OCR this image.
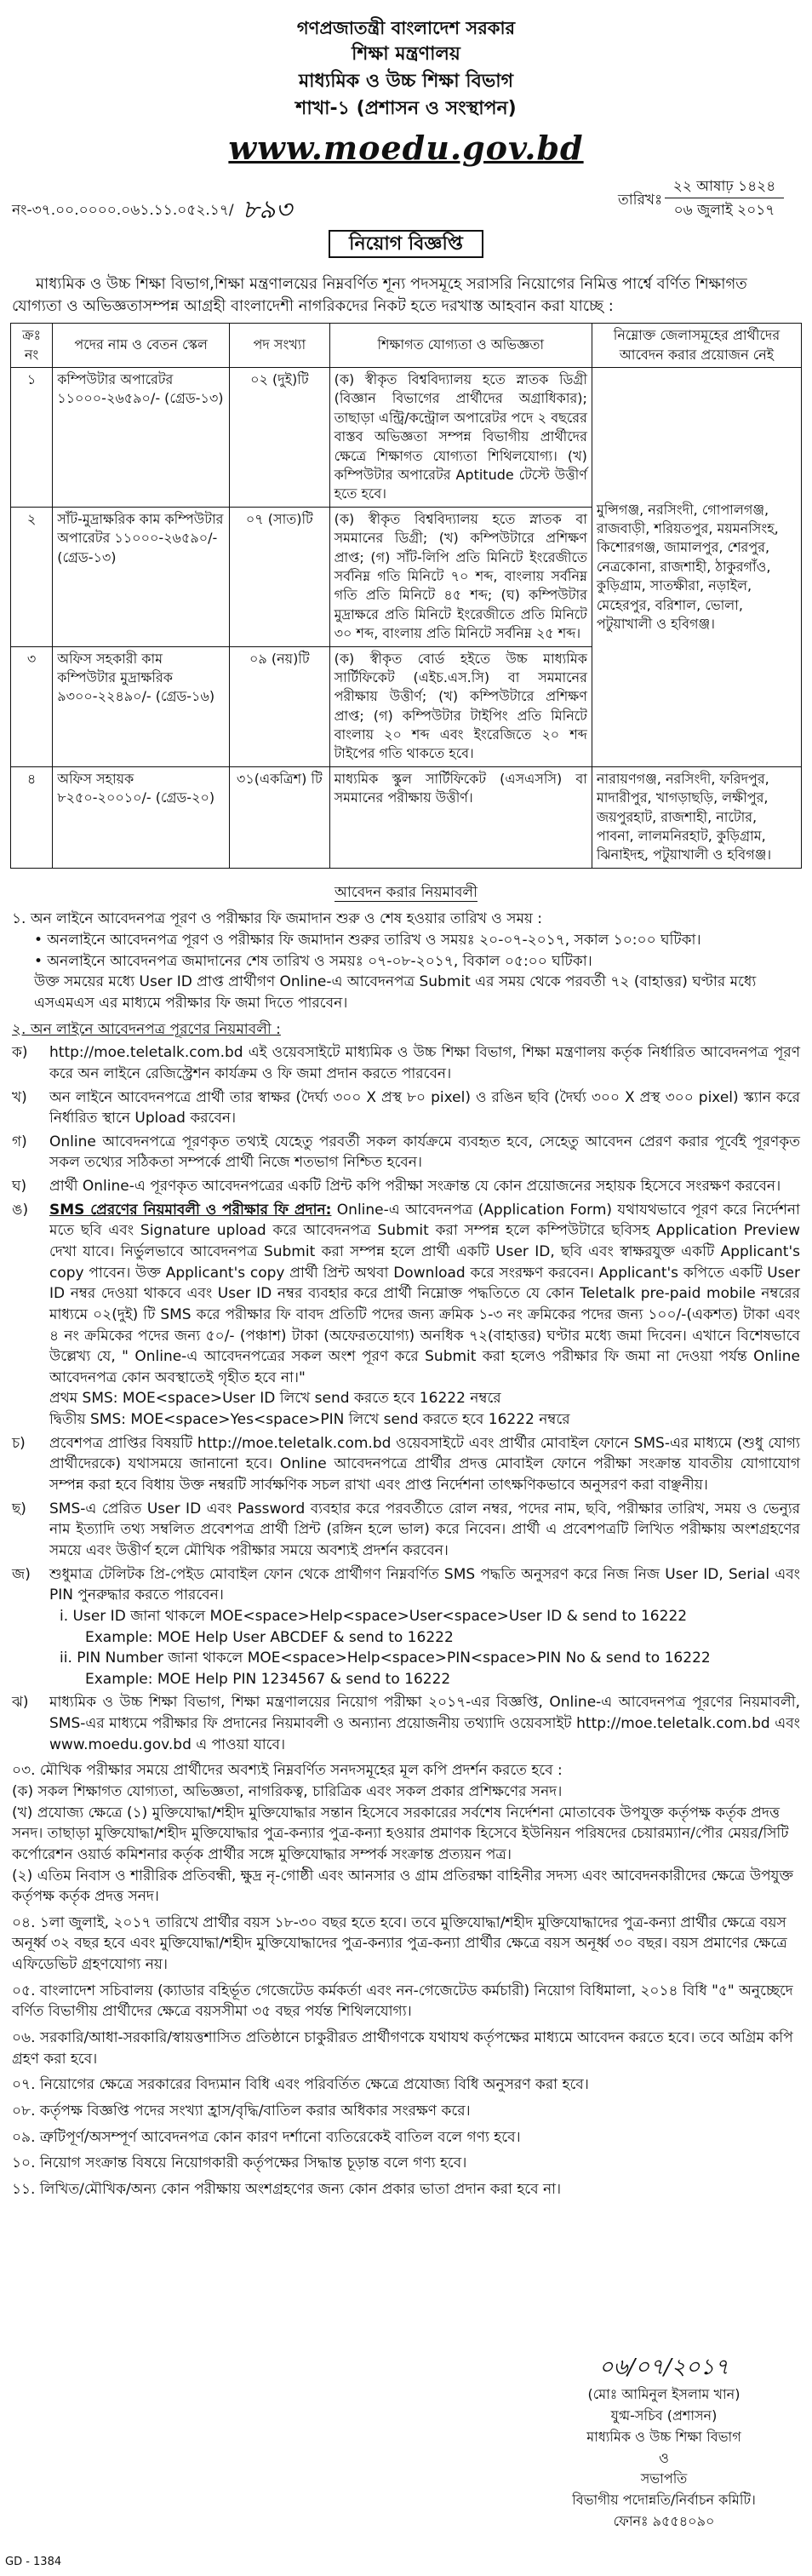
গণপ্রজাতন্ত্রী বাংলাদেশ সরকার
শিক্ষা মন্ত্রণালয়
মাধ্যমিক ও উচ্চ শিক্ষা বিভাগ
শাখা-১ (প্রশাসন ও সংস্থাপন)
www.moedu.gov.bd
নং-৩৭.০০.০০০০.০৬১.১১.০৫২.১৭/ ৮৯৩	তারিখঃ
২২ আষাঢ় ১৪২৪
০৬ জুলাই ২০১৭
নিয়োগ বিজ্ঞপ্তি
মাধ্যমিক ও উচ্চ শিক্ষা বিভাগ,শিক্ষা মন্ত্রণালয়ের নিম্নবর্ণিত শূন্য পদসমূহে সরাসরি নিয়োগের নিমিত্ত পার্শ্বে বর্ণিত শিক্ষাগত যোগ্যতা ও অভিজ্ঞতাসম্পন্ন আগ্রহী বাংলাদেশী নাগরিকদের নিকট হতে দরখাস্ত আহবান করা যাচ্ছে :
ক্রঃ নং	পদের নাম ও বেতন স্কেল	পদ সংখ্যা	শিক্ষাগত যোগ্যতা ও অভিজ্ঞতা	নিম্নোক্ত জেলাসমূহের প্রার্থীদের আবেদন করার প্রয়োজন নেই
১	কম্পিউটার অপারেটর ১১০০০-২৬৫৯০/- (গ্রেড-১৩)	০২ (দুই)টি	(ক) স্বীকৃত বিশ্ববিদ্যালয় হতে স্নাতক ডিগ্রী (বিজ্ঞান বিভাগের প্রার্থীদের অগ্রাধিকার); তাছাড়া এন্ট্রি/কন্ট্রোল অপারেটর পদে ২ বছরের বাস্তব অভিজ্ঞতা সম্পন্ন বিভাগীয় প্রার্থীদের ক্ষেত্রে শিক্ষাগত যোগ্যতা শিথিলযোগ্য। (খ) কম্পিউটার অপারেটর Aptitude টেস্টে উত্তীর্ণ হতে হবে।	মুন্সিগঞ্জ, নরসিংদী, গোপালগঞ্জ, রাজবাড়ী, শরিয়তপুর, ময়মনসিংহ, কিশোরগঞ্জ, জামালপুর, শেরপুর, নেত্রকোনা, রাজশাহী, ঠাকুরগাঁও, কুড়িগ্রাম, সাতক্ষীরা, নড়াইল, মেহেরপুর, বরিশাল, ভোলা, পটুয়াখালী ও হবিগঞ্জ।
২	সাঁট-মুদ্রাক্ষরিক কাম কম্পিউটার অপারেটর ১১০০০-২৬৫৯০/- (গ্রেড-১৩)	০৭ (সাত)টি	(ক) স্বীকৃত বিশ্ববিদ্যালয় হতে স্নাতক বা সমমানের ডিগ্রী; (খ) কম্পিউটারে প্রশিক্ষণ প্রাপ্ত; (গ) সাঁট-লিপি প্রতি মিনিটে ইংরেজীতে সর্বনিম্ন গতি মিনিটে ৭০ শব্দ, বাংলায় সর্বনিম্ন গতি প্রতি মিনিটে ৪৫ শব্দ; (ঘ) কম্পিউটার মুদ্রাক্ষরে প্রতি মিনিটে ইংরেজীতে প্রতি মিনিটে ৩০ শব্দ, বাংলায় প্রতি মিনিটে সর্বনিম্ন ২৫ শব্দ।	
৩	অফিস সহকারী কাম কম্পিউটার মুদ্রাক্ষরিক ৯৩০০-২২৪৯০/- (গ্রেড-১৬)	০৯ (নয়)টি	(ক) স্বীকৃত বোর্ড হইতে উচ্চ মাধ্যমিক সার্টিফিকেট (এইচ.এস.সি) বা সমমানের পরীক্ষায় উত্তীর্ণ; (খ) কম্পিউটারে প্রশিক্ষণ প্রাপ্ত; (গ) কম্পিউটার টাইপিং প্রতি মিনিটে বাংলায় ২০ শব্দ এবং ইংরেজিতে ২০ শব্দ টাইপের গতি থাকতে হবে।	
৪	অফিস সহায়ক ৮২৫০-২০০১০/- (গ্রেড-২০)	৩১(একত্রিশ) টি	মাধ্যমিক স্কুল সার্টিফিকেট (এসএসসি) বা সমমানের পরীক্ষায় উত্তীর্ণ।	নারায়ণগঞ্জ, নরসিংদী, ফরিদপুর, মাদারীপুর, খাগড়াছড়ি, লক্ষীপুর, জয়পুরহাট, রাজশাহী, নাটোর, পাবনা, লালমনিরহাট, কুড়িগ্রাম, ঝিনাইদহ, পটুয়াখালী ও হবিগঞ্জ।
আবেদন করার নিয়মাবলী
১. অন লাইনে আবেদনপত্র পূরণ ও পরীক্ষার ফি জমাদান শুরু ও শেষ হওয়ার তারিখ ও সময় :
• অনলাইনে আবেদনপত্র পূরণ ও পরীক্ষার ফি জমাদান শুরুর তারিখ ও সময়ঃ ২০-০৭-২০১৭, সকাল ১০:০০ ঘটিকা।
• অনলাইনে আবেদনপত্র জমাদানের শেষ তারিখ ও সময়ঃ ০৭-০৮-২০১৭, বিকাল ০৫:০০ ঘটিকা।
উক্ত সময়ের মধ্যে User ID প্রাপ্ত প্রার্থীগণ Online-এ আবেদনপত্র Submit এর সময় থেকে পরবর্তী ৭২ (বাহাত্তর) ঘণ্টার মধ্যে এসএমএস এর মাধ্যমে পরীক্ষার ফি জমা দিতে পারবেন।
২. অন লাইনে আবেদনপত্র পূরণের নিয়মাবলী :
ক)	http://moe.teletalk.com.bd এই ওয়েবসাইটে মাধ্যমিক ও উচ্চ শিক্ষা বিভাগ, শিক্ষা মন্ত্রণালয় কর্তৃক নির্ধারিত আবেদনপত্র পূরণ করে অন লাইনে রেজিস্ট্রেশন কার্যক্রম ও ফি জমা প্রদান করতে পারবেন।
খ)	অন লাইনে আবেদনপত্রে প্রার্থী তার স্বাক্ষর (দৈর্ঘ্য ৩০০ X প্রস্থ ৮০ pixel) ও রঙিন ছবি (দৈর্ঘ্য ৩০০ X প্রস্থ ৩০০ pixel) স্ক্যান করে নির্ধারিত স্থানে Upload করবেন।
গ)	Online আবেদনপত্রে পূরণকৃত তথ্যই যেহেতু পরবর্তী সকল কার্যক্রমে ব্যবহৃত হবে, সেহেতু আবেদন প্রেরণ করার পূর্বেই পূরণকৃত সকল তথ্যের সঠিকতা সম্পর্কে প্রার্থী নিজে শতভাগ নিশ্চিত হবেন।
ঘ)	প্রার্থী Online-এ পূরণকৃত আবেদনপত্রের একটি প্রিন্ট কপি পরীক্ষা সংক্রান্ত যে কোন প্রয়োজনের সহায়ক হিসেবে সংরক্ষণ করবেন।
ঙ)	SMS প্রেরণের নিয়মাবলী ও পরীক্ষার ফি প্রদান: Online-এ আবেদনপত্র (Application Form) যথাযথভাবে পূরণ করে নির্দেশনা মতে ছবি এবং Signature upload করে আবেদনপত্র Submit করা সম্পন্ন হলে কম্পিউটারে ছবিসহ Application Preview দেখা যাবে। নির্ভুলভাবে আবেদনপত্র Submit করা সম্পন্ন হলে প্রার্থী একটি User ID, ছবি এবং স্বাক্ষরযুক্ত একটি Applicant's copy পাবেন। উক্ত Applicant's copy প্রার্থী প্রিন্ট অথবা Download করে সংরক্ষণ করবেন। Applicant's কপিতে একটি User ID নম্বর দেওয়া থাকবে এবং User ID নম্বর ব্যবহার করে প্রার্থী নিম্নোক্ত পদ্ধতিতে যে কোন Teletalk pre-paid mobile নম্বরের মাধ্যমে ০২(দুই) টি SMS করে পরীক্ষার ফি বাবদ প্রতিটি পদের জন্য ক্রমিক ১-৩ নং ক্রমিকের পদের জন্য ১০০/-(একশত) টাকা এবং ৪ নং ক্রমিকের পদের জন্য ৫০/- (পঞ্চাশ) টাকা (অফেরতযোগ্য) অনধিক ৭২(বাহাত্তর) ঘণ্টার মধ্যে জমা দিবেন। এখানে বিশেষভাবে উল্লেখ্য যে, " Online-এ আবেদনপত্রের সকল অংশ পূরণ করে Submit করা হলেও পরীক্ষার ফি জমা না দেওয়া পর্যন্ত Online আবেদনপত্র কোন অবস্থাতেই গৃহীত হবে না।"
প্রথম SMS: MOE<space>User ID লিখে send করতে হবে 16222 নম্বরে
দ্বিতীয় SMS: MOE<space>Yes<space>PIN লিখে send করতে হবে 16222 নম্বরে
চ)	প্রবেশপত্র প্রাপ্তির বিষয়টি http://moe.teletalk.com.bd ওয়েবসাইটে এবং প্রার্থীর মোবাইল ফোনে SMS-এর মাধ্যমে (শুধু যোগ্য প্রার্থীদেরকে) যথাসময়ে জানানো হবে। Online আবেদনপত্রে প্রার্থীর প্রদত্ত মোবাইল ফোনে পরীক্ষা সংক্রান্ত যাবতীয় যোগাযোগ সম্পন্ন করা হবে বিধায় উক্ত নম্বরটি সার্বক্ষণিক সচল রাখা এবং প্রাপ্ত নির্দেশনা তাৎক্ষণিকভাবে অনুসরণ করা বাঞ্ছনীয়।
ছ)	SMS-এ প্রেরিত User ID এবং Password ব্যবহার করে পরবর্তীতে রোল নম্বর, পদের নাম, ছবি, পরীক্ষার তারিখ, সময় ও ভেন্যুর নাম ইত্যাদি তথ্য সম্বলিত প্রবেশপত্র প্রার্থী প্রিন্ট (রঙ্গিন হলে ভাল) করে নিবেন। প্রার্থী এ প্রবেশপত্রটি লিখিত পরীক্ষায় অংশগ্রহণের সময়ে এবং উত্তীর্ণ হলে মৌখিক পরীক্ষার সময়ে অবশ্যই প্রদর্শন করবেন।
জ)	শুধুমাত্র টেলিটক প্রি-পেইড মোবাইল ফোন থেকে প্রার্থীগণ নিম্নবর্ণিত SMS পদ্ধতি অনুসরণ করে নিজ নিজ User ID, Serial এবং PIN পুনরুদ্ধার করতে পারবেন।
i. User ID জানা থাকলে MOE<space>Help<space>User<space>User ID & send to 16222
Example: MOE Help User ABCDEF & send to 16222
ii. PIN Number জানা থাকলে MOE<space>Help<space>PIN<space>PIN No & send to 16222
Example: MOE Help PIN 1234567 & send to 16222
ঝ)	মাধ্যমিক ও উচ্চ শিক্ষা বিভাগ, শিক্ষা মন্ত্রণালয়ের নিয়োগ পরীক্ষা ২০১৭-এর বিজ্ঞপ্তি, Online-এ আবেদনপত্র পূরণের নিয়মাবলী, SMS-এর মাধ্যমে পরীক্ষার ফি প্রদানের নিয়মাবলী ও অন্যান্য প্রয়োজনীয় তথ্যাদি ওয়েবসাইট http://moe.teletalk.com.bd এবং www.moedu.gov.bd এ পাওয়া যাবে।
০৩. মৌখিক পরীক্ষার সময়ে প্রার্থীদের অবশ্যই নিম্নবর্ণিত সনদসমূহের মূল কপি প্রদর্শন করতে হবে :
(ক) সকল শিক্ষাগত যোগ্যতা, অভিজ্ঞতা, নাগরিকত্ব, চারিত্রিক এবং সকল প্রকার প্রশিক্ষণের সনদ।
(খ) প্রযোজ্য ক্ষেত্রে (১) মুক্তিযোদ্ধা/শহীদ মুক্তিযোদ্ধার সন্তান হিসেবে সরকারের সর্বশেষ নির্দেশনা মোতাবেক উপযুক্ত কর্তৃপক্ষ কর্তৃক প্রদত্ত সনদ। তাছাড়া মুক্তিযোদ্ধা/শহীদ মুক্তিযোদ্ধার পুত্র-কন্যার পুত্র-কন্যা হওয়ার প্রমাণক হিসেবে ইউনিয়ন পরিষদের চেয়ারম্যান/পৌর মেয়র/সিটি কর্পোরেশন ওয়ার্ড কমিশনার কর্তৃক প্রার্থীর সঙ্গে মুক্তিযোদ্ধার সম্পর্ক সংক্রান্ত প্রত্যয়ন পত্র।
(২) এতিম নিবাস ও শারীরিক প্রতিবন্ধী, ক্ষুদ্র নৃ-গোষ্ঠী এবং আনসার ও গ্রাম প্রতিরক্ষা বাহিনীর সদস্য এবং আবেদনকারীদের ক্ষেত্রে উপযুক্ত কর্তৃপক্ষ কর্তৃক প্রদত্ত সনদ।
০৪. ১লা জুলাই, ২০১৭ তারিখে প্রার্থীর বয়স ১৮-৩০ বছর হতে হবে। তবে মুক্তিযোদ্ধা/শহীদ মুক্তিযোদ্ধাদের পুত্র-কন্যা প্রার্থীর ক্ষেত্রে বয়স অনূর্ধ্ব ৩২ বছর হবে এবং মুক্তিযোদ্ধা/শহীদ মুক্তিযোদ্ধাদের পুত্র-কন্যার পুত্র-কন্যা প্রার্থীর ক্ষেত্রে বয়স অনূর্ধ্ব ৩০ বছর। বয়স প্রমাণের ক্ষেত্রে এফিডেভিট গ্রহণযোগ্য নয়।
০৫. বাংলাদেশ সচিবালয় (ক্যাডার বহির্ভূত গেজেটেড কর্মকর্তা এবং নন-গেজেটেড কর্মচারী) নিয়োগ বিধিমালা, ২০১৪ বিধি "৫" অনুচ্ছেদে বর্ণিত বিভাগীয় প্রার্থীদের ক্ষেত্রে বয়সসীমা ৩৫ বছর পর্যন্ত শিথিলযোগ্য।
০৬. সরকারি/আধা-সরকারি/স্বায়ত্তশাসিত প্রতিষ্ঠানে চাকুরীরত প্রার্থীগণকে যথাযথ কর্তৃপক্ষের মাধ্যমে আবেদন করতে হবে। তবে অগ্রিম কপি গ্রহণ করা হবে।
০৭. নিয়োগের ক্ষেত্রে সরকারের বিদ্যমান বিধি এবং পরিবর্তিত ক্ষেত্রে প্রযোজ্য বিধি অনুসরণ করা হবে।
০৮. কর্তৃপক্ষ বিজ্ঞপ্তি পদের সংখ্যা হ্রাস/বৃদ্ধি/বাতিল করার অধিকার সংরক্ষণ করে।
০৯. ত্রুটিপূর্ণ/অসম্পূর্ণ আবেদনপত্র কোন কারণ দর্শানো ব্যতিরেকেই বাতিল বলে গণ্য হবে।
১০. নিয়োগ সংক্রান্ত বিষয়ে নিয়োগকারী কর্তৃপক্ষের সিদ্ধান্ত চূড়ান্ত বলে গণ্য হবে।
১১. লিখিত/মৌখিক/অন্য কোন পরীক্ষায় অংশগ্রহণের জন্য কোন প্রকার ভাতা প্রদান করা হবে না।
০৬/০৭/২০১৭
(মোঃ আমিনুল ইসলাম খান)
যুগ্ম-সচিব (প্রশাসন)
মাধ্যমিক ও উচ্চ শিক্ষা বিভাগ
ও
সভাপতি
বিভাগীয় পদোন্নতি/নির্বাচন কমিটি।
ফোনঃ ৯৫৫৪০৯০
GD - 1384
